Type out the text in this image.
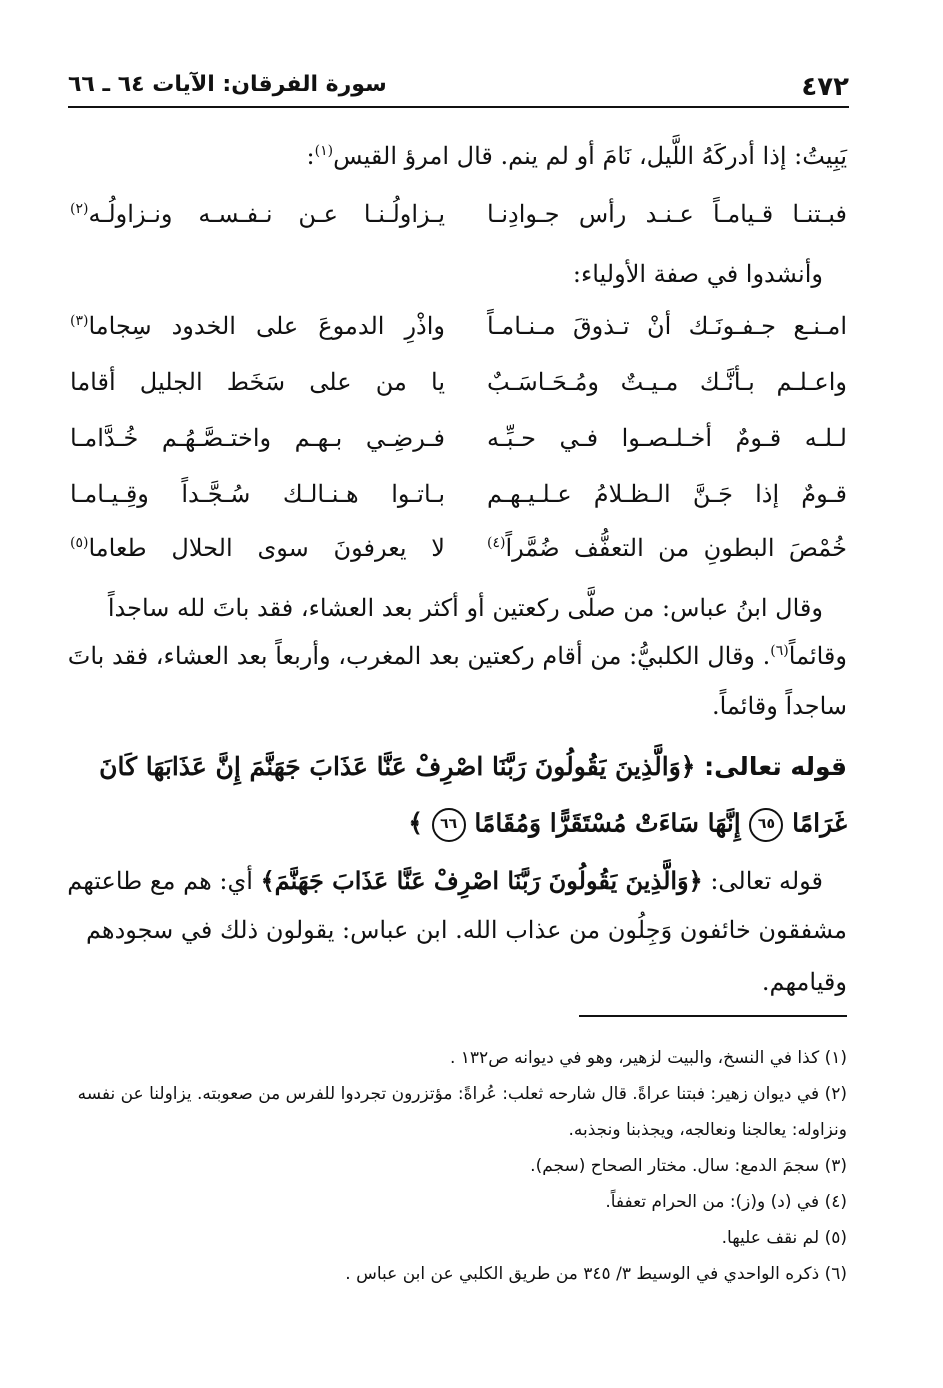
٤٧٢
سورة الفرقان: الآيات ٦٤ ـ ٦٦
يَبِيتُ: إذا أدركَهُ اللَّيل، نَامَ أو لم ينم. قال امرؤ القيس$^{(١)}$:
فبـتنـا قـيامـاً عـنـد رأس جـوادِنـا
يـزاولُـنـا عـن نـفـسـه ونـزاولُـه$^{(٢)}$
وأنشدوا في صفة الأولياء:
امـنـع جـفـونَـك أنْ تـذوقَ مـنـامـاً
واذْرِ الدموعَ على الخدود سِجاما$^{(٣)}$
واعـلـم بـأنَّـك مـيـتٌ ومُـحَـاسَـبٌ
يا من على سَخَط الجليل أقاما
لـلـه قـومٌ أخـلـصـوا فـي حـبِّـه
فـرضِـي بـهـم واختـصَّـهُـم خُـدَّامـا
قـومٌ إذا جَـنَّ الـظـلامُ عـلـيـهـم
بـاتـوا هـنـالـك سُـجَّـداً وقِـيـامـا
خُمْصَ البطونِ من التعفُّف ضُمَّراً$^{(٤)}$
لا يعرفونَ سوى الحلال طعاما$^{(٥)}$
وقال ابنُ عباس: من صلَّى ركعتين أو أكثر بعد العشاء، فقد باتَ لله ساجداً
وقائماً$^{(٦)}$. وقال الكلبيُّ: من أقام ركعتين بعد المغرب، وأربعاً بعد العشاء، فقد باتَ
ساجداً وقائماً.
قوله تعالى: ﴿وَالَّذِينَ يَقُولُونَ رَبَّنَا اصْرِفْ عَنَّا عَذَابَ جَهَنَّمَ إِنَّ عَذَابَهَا كَانَ
غَرَامًا ٦٥ إِنَّهَا سَاءَتْ مُسْتَقَرًّا وَمُقَامًا ٦٦ ﴾
قوله تعالى: ﴿وَالَّذِينَ يَقُولُونَ رَبَّنَا اصْرِفْ عَنَّا عَذَابَ جَهَنَّمَ﴾ أي: هم مع طاعتهم
مشفقون خائفون وَجِلُون من عذاب الله. ابن عباس: يقولون ذلك في سجودهم
وقيامهم.

(١) كذا في النسخ، والبيت لزهير، وهو في ديوانه ص١٣٢ .

(٢) في ديوان زهير: فبتنا عراةً. قال شارحه ثعلب: عُراةً: مؤتزرون تجردوا للفرس من صعوبته. يزاولنا عن نفسه ونزاوله: يعالجنا ونعالجه، ويجذبنا ونجذبه.

(٣) سجمَ الدمع: سال. مختار الصحاح (سجم).

(٤) في (د) و(ز): من الحرام تعففاً.

(٥) لم نقف عليها.

(٦) ذكره الواحدي في الوسيط ٣/ ٣٤٥ من طريق الكلبي عن ابن عباس .
